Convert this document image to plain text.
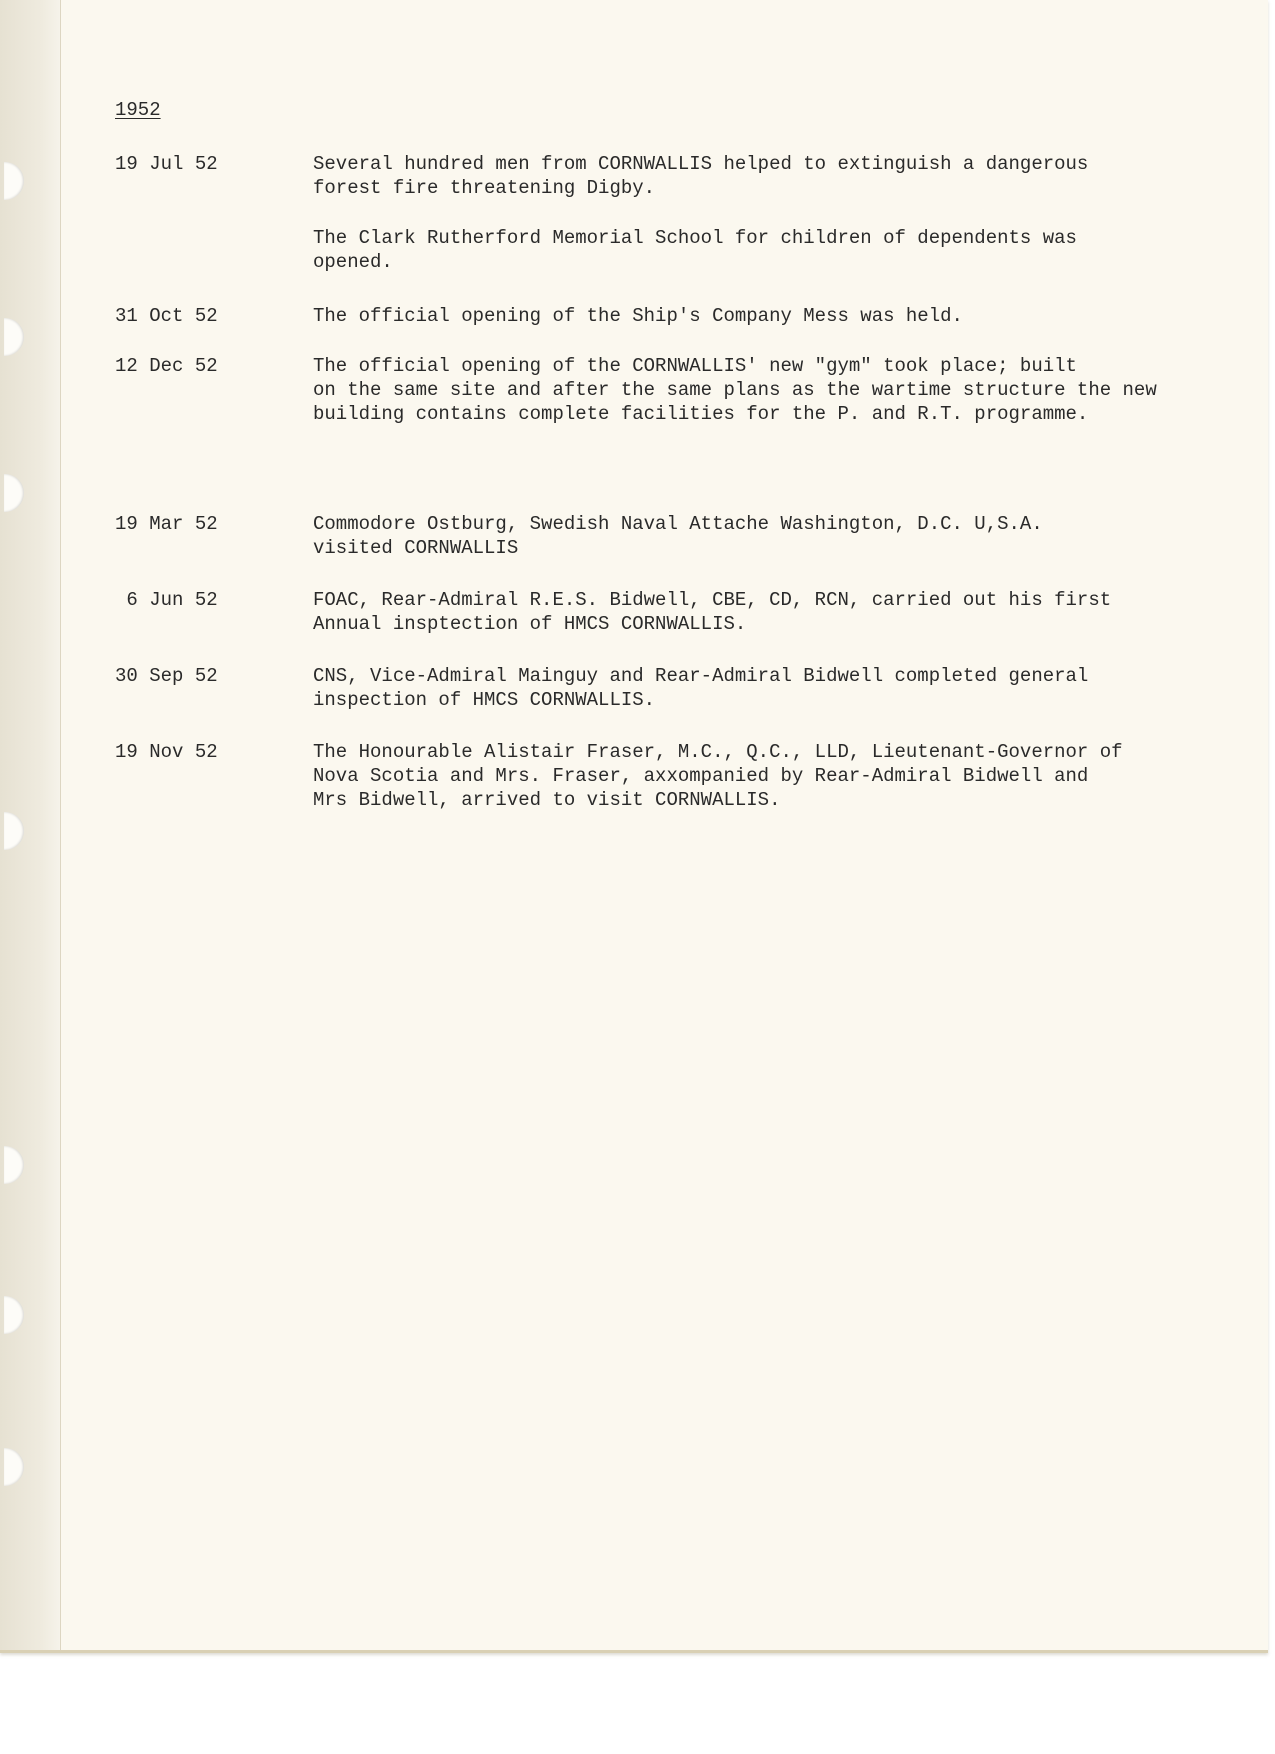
1952
19 Jul 52	Several hundred men from CORNWALLIS helped to extinguish a dangerous
forest fire threatening Digby.
The Clark Rutherford Memorial School for children of dependents was
opened.
31 Oct 52	The official opening of the Ship's Company Mess was held.
12 Dec 52	The official opening of the CORNWALLIS' new "gym" took place; built
on the same site and after the same plans as the wartime structure the new
building contains complete facilities for the P. and R.T. programme.
19 Mar 52	Commodore Ostburg, Swedish Naval Attache Washington, D.C. U,S.A.
visited CORNWALLIS
6 Jun 52	FOAC, Rear-Admiral R.E.S. Bidwell, CBE, CD, RCN, carried out his first
Annual insptection of HMCS CORNWALLIS.
30 Sep 52	CNS, Vice-Admiral Mainguy and Rear-Admiral Bidwell completed general
inspection of HMCS CORNWALLIS.
19 Nov 52	The Honourable Alistair Fraser, M.C., Q.C., LLD, Lieutenant-Governor of
Nova Scotia and Mrs. Fraser, axxompanied by Rear-Admiral Bidwell and
Mrs Bidwell, arrived to visit CORNWALLIS.
